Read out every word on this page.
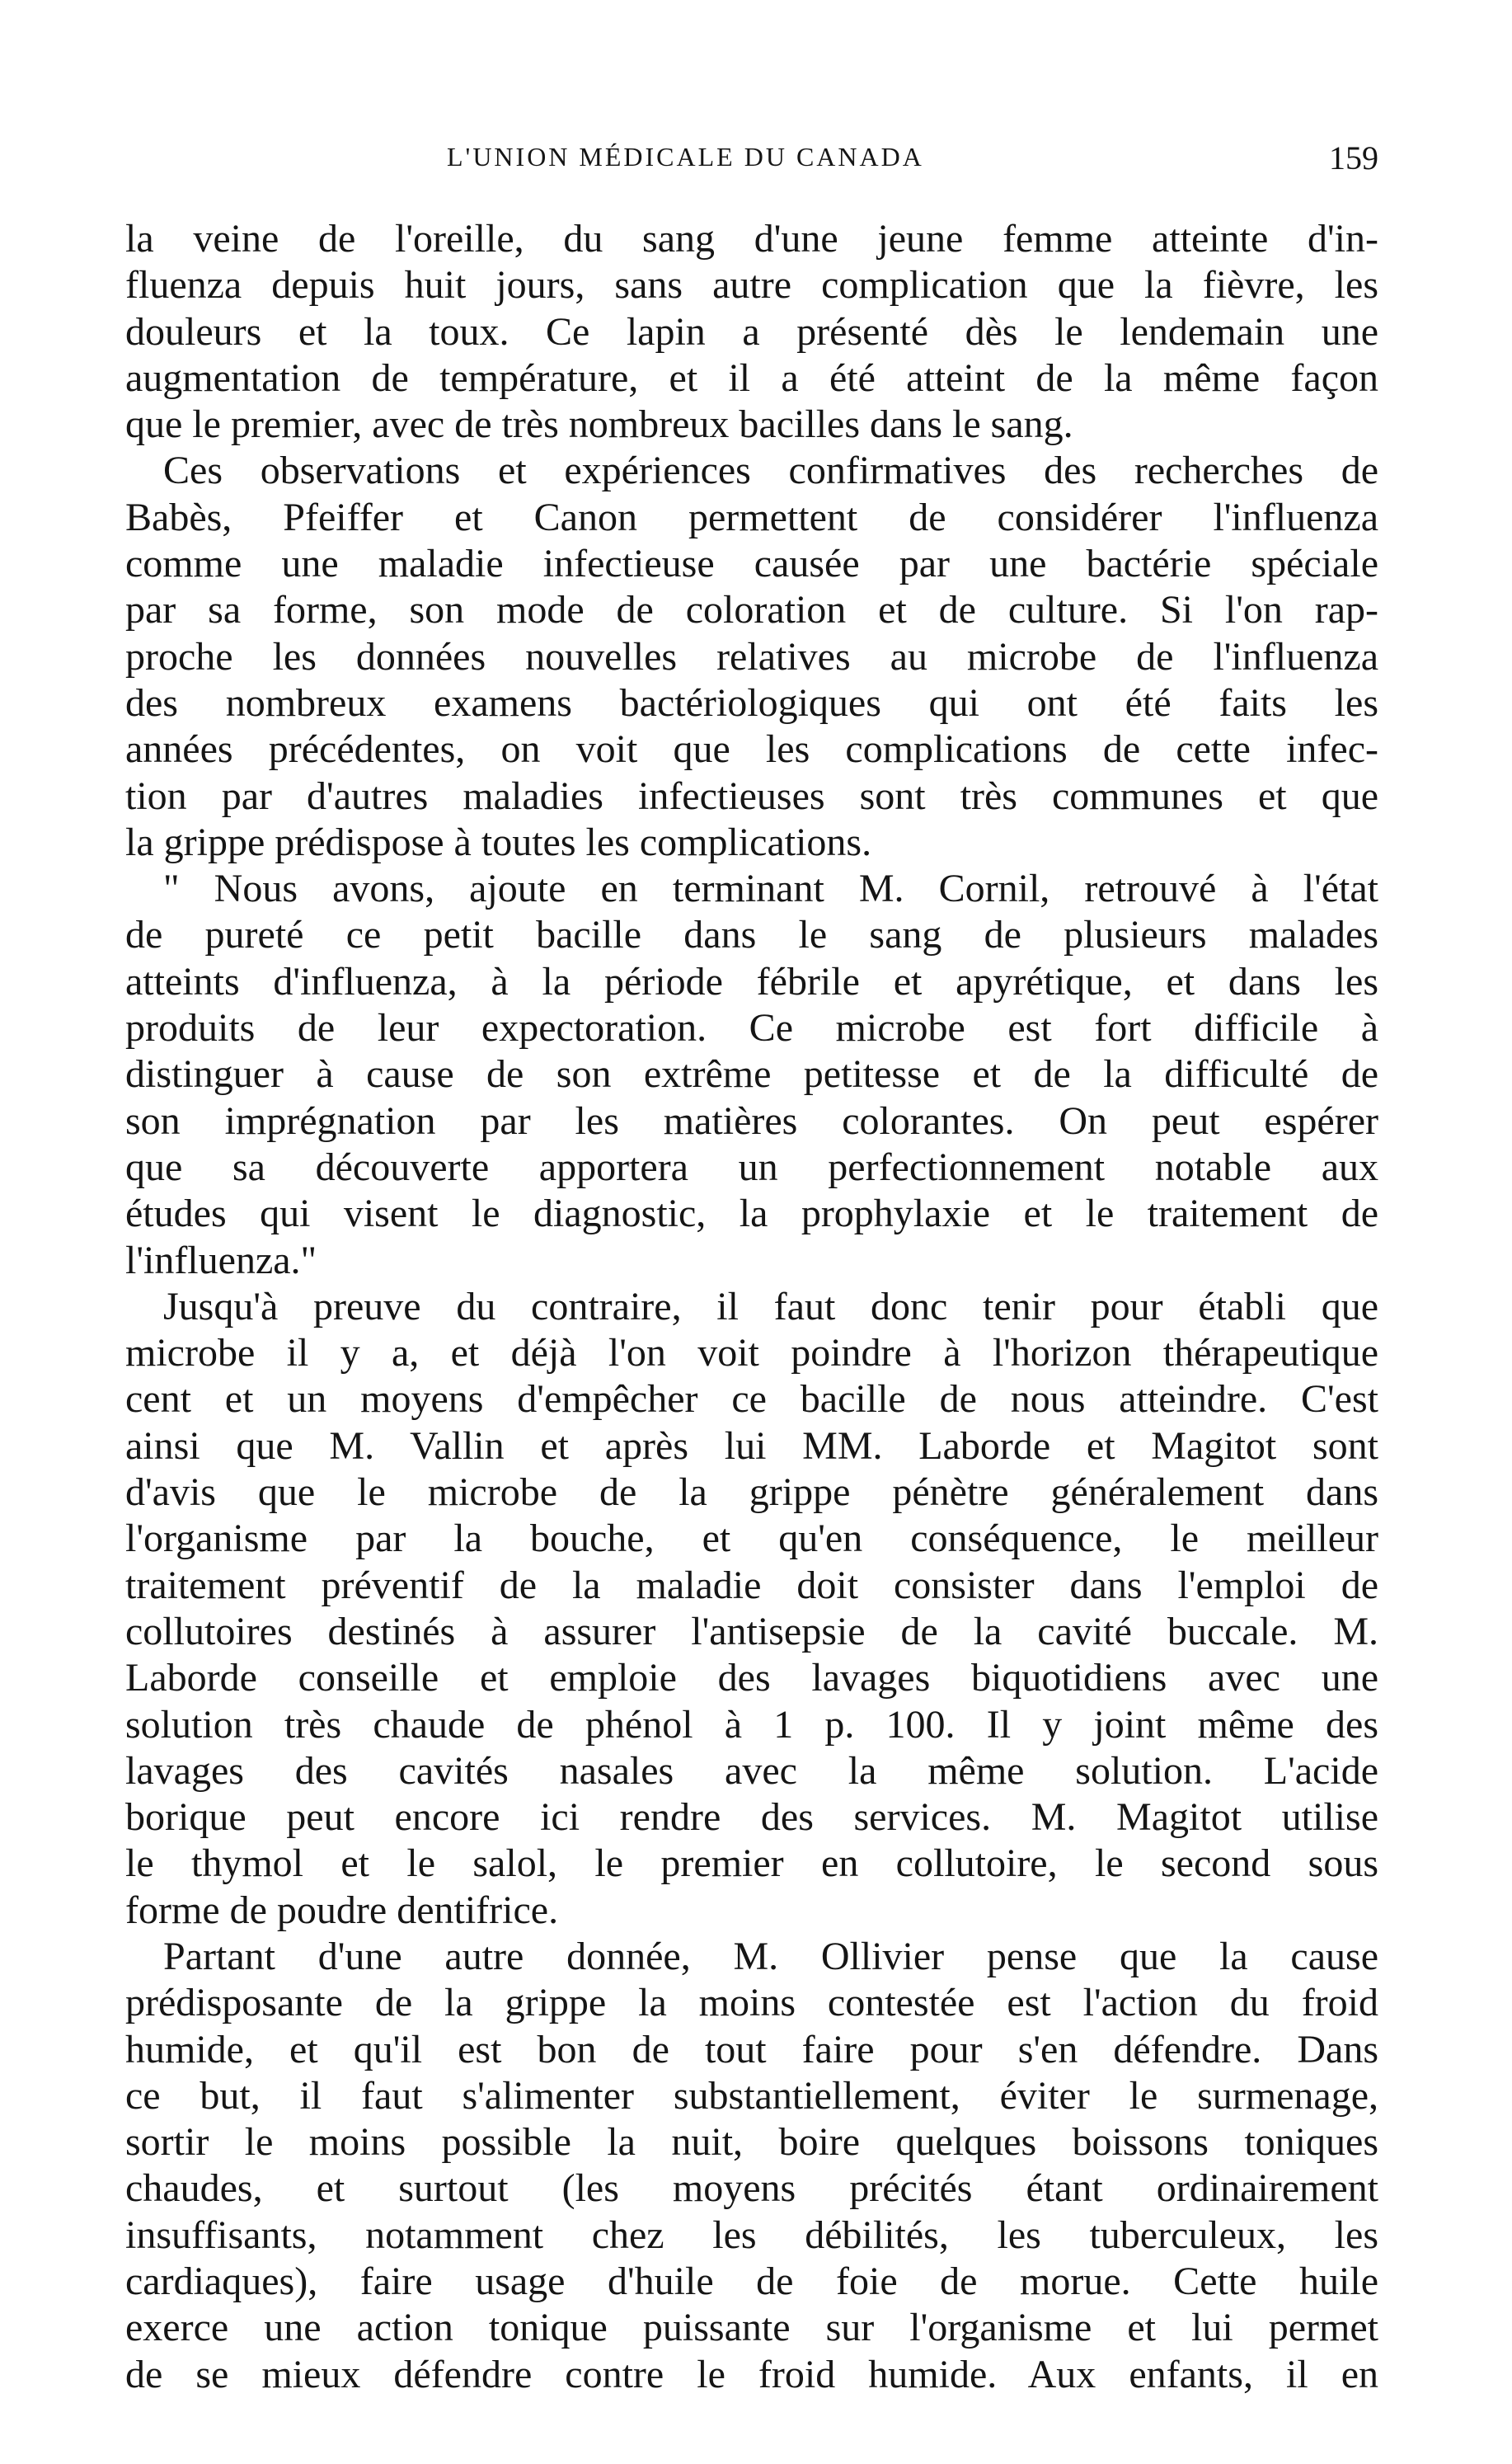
L'UNION MÉDICALE DU CANADA	159
la veine de l'oreille, du sang d'une jeune femme atteinte d'in-
fluenza depuis huit jours, sans autre complication que la fièvre, les
douleurs et la toux. Ce lapin a présenté dès le lendemain une
augmentation de température, et il a été atteint de la même façon
que le premier, avec de très nombreux bacilles dans le sang.
Ces observations et expériences confirmatives des recherches de
Babès, Pfeiffer et Canon permettent de considérer l'influenza
comme une maladie infectieuse causée par une bactérie spéciale
par sa forme, son mode de coloration et de culture. Si l'on rap-
proche les données nouvelles relatives au microbe de l'influenza
des nombreux examens bactériologiques qui ont été faits les
années précédentes, on voit que les complications de cette infec-
tion par d'autres maladies infectieuses sont très communes et que
la grippe prédispose à toutes les complications.
" Nous avons, ajoute en terminant M. Cornil, retrouvé à l'état
de pureté ce petit bacille dans le sang de plusieurs malades
atteints d'influenza, à la période fébrile et apyrétique, et dans les
produits de leur expectoration. Ce microbe est fort difficile à
distinguer à cause de son extrême petitesse et de la difficulté de
son imprégnation par les matières colorantes. On peut espérer
que sa découverte apportera un perfectionnement notable aux
études qui visent le diagnostic, la prophylaxie et le traitement de
l'influenza."
Jusqu'à preuve du contraire, il faut donc tenir pour établi que
microbe il y a, et déjà l'on voit poindre à l'horizon thérapeutique
cent et un moyens d'empêcher ce bacille de nous atteindre. C'est
ainsi que M. Vallin et après lui MM. Laborde et Magitot sont
d'avis que le microbe de la grippe pénètre généralement dans
l'organisme par la bouche, et qu'en conséquence, le meilleur
traitement préventif de la maladie doit consister dans l'emploi de
collutoires destinés à assurer l'antisepsie de la cavité buccale. M.
Laborde conseille et emploie des lavages biquotidiens avec une
solution très chaude de phénol à 1 p. 100. Il y joint même des
lavages des cavités nasales avec la même solution. L'acide
borique peut encore ici rendre des services. M. Magitot utilise
le thymol et le salol, le premier en collutoire, le second sous
forme de poudre dentifrice.
Partant d'une autre donnée, M. Ollivier pense que la cause
prédisposante de la grippe la moins contestée est l'action du froid
humide, et qu'il est bon de tout faire pour s'en défendre. Dans
ce but, il faut s'alimenter substantiellement, éviter le surmenage,
sortir le moins possible la nuit, boire quelques boissons toniques
chaudes, et surtout (les moyens précités étant ordinairement
insuffisants, notamment chez les débilités, les tuberculeux, les
cardiaques), faire usage d'huile de foie de morue. Cette huile
exerce une action tonique puissante sur l'organisme et lui permet
de se mieux défendre contre le froid humide. Aux enfants, il en
